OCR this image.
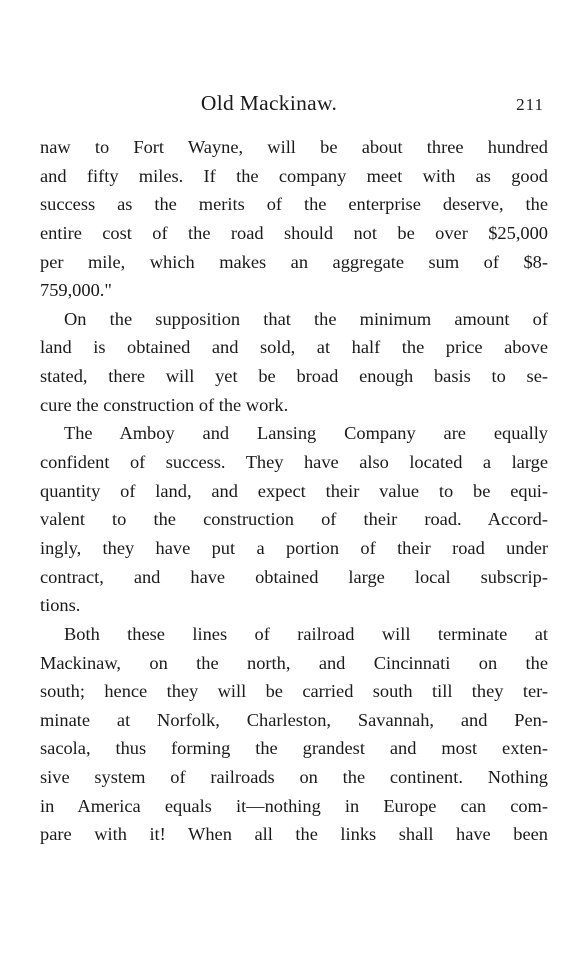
Old Mackinaw.	211
naw to Fort Wayne, will be about three hundred
and fifty miles. If the company meet with as good
success as the merits of the enterprise deserve, the
entire cost of the road should not be over $25,000
per mile, which makes an aggregate sum of $8-
759,000."
On the supposition that the minimum amount of
land is obtained and sold, at half the price above
stated, there will yet be broad enough basis to se-
cure the construction of the work.
The Amboy and Lansing Company are equally
confident of success. They have also located a large
quantity of land, and expect their value to be equi-
valent to the construction of their road. Accord-
ingly, they have put a portion of their road under
contract, and have obtained large local subscrip-
tions.
Both these lines of railroad will terminate at
Mackinaw, on the north, and Cincinnati on the
south; hence they will be carried south till they ter-
minate at Norfolk, Charleston, Savannah, and Pen-
sacola, thus forming the grandest and most exten-
sive system of railroads on the continent. Nothing
in America equals it—nothing in Europe can com-
pare with it! When all the links shall have been
